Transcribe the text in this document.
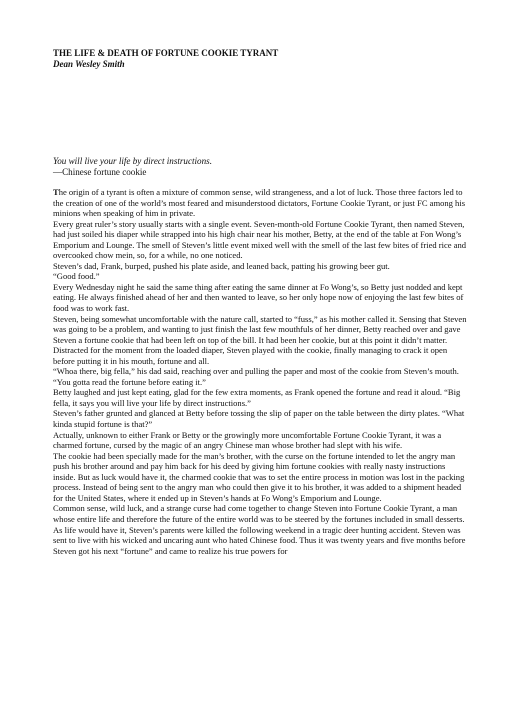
THE LIFE & DEATH OF FORTUNE COOKIE TYRANT
Dean Wesley Smith
You will live your life by direct instructions.
—Chinese fortune cookie

The origin of a tyrant is often a mixture of common sense, wild strangeness, and a lot of luck. Those three factors led to the creation of one of the world’s most feared and misunderstood dictators, Fortune Cookie Tyrant, or just FC among his minions when speaking of him in private.

Every great ruler’s story usually starts with a single event. Seven-month-old Fortune Cookie Tyrant, then named Steven, had just soiled his diaper while strapped into his high chair near his mother, Betty, at the end of the table at Fon Wong’s Emporium and Lounge. The smell of Steven’s little event mixed well with the smell of the last few bites of fried rice and overcooked chow mein, so, for a while, no one noticed.

Steven’s dad, Frank, burped, pushed his plate aside, and leaned back, patting his growing beer gut.

“Good food.”

Every Wednesday night he said the same thing after eating the same dinner at Fo Wong’s, so Betty just nodded and kept eating. He always finished ahead of her and then wanted to leave, so her only hope now of enjoying the last few bites of food was to work fast.

Steven, being somewhat uncomfortable with the nature call, started to “fuss,” as his mother called it. Sensing that Steven was going to be a problem, and wanting to just finish the last few mouthfuls of her dinner, Betty reached over and gave Steven a fortune cookie that had been left on top of the bill. It had been her cookie, but at this point it didn’t matter.

Distracted for the moment from the loaded diaper, Steven played with the cookie, finally managing to crack it open before putting it in his mouth, fortune and all.

“Whoa there, big fella,” his dad said, reaching over and pulling the paper and most of the cookie from Steven’s mouth. “You gotta read the fortune before eating it.”

Betty laughed and just kept eating, glad for the few extra moments, as Frank opened the fortune and read it aloud. “Big fella, it says you will live your life by direct instructions.”

Steven’s father grunted and glanced at Betty before tossing the slip of paper on the table between the dirty plates. “What kinda stupid fortune is that?”

Actually, unknown to either Frank or Betty or the growingly more uncomfortable Fortune Cookie Tyrant, it was a charmed fortune, cursed by the magic of an angry Chinese man whose brother had slept with his wife.

The cookie had been specially made for the man’s brother, with the curse on the fortune intended to let the angry man push his brother around and pay him back for his deed by giving him fortune cookies with really nasty instructions inside. But as luck would have it, the charmed cookie that was to set the entire process in motion was lost in the packing process. Instead of being sent to the angry man who could then give it to his brother, it was added to a shipment headed for the United States, where it ended up in Steven’s hands at Fo Wong’s Emporium and Lounge.

Common sense, wild luck, and a strange curse had come together to change Steven into Fortune Cookie Tyrant, a man whose entire life and therefore the future of the entire world was to be steered by the fortunes included in small desserts.

As life would have it, Steven’s parents were killed the following weekend in a tragic deer hunting accident. Steven was sent to live with his wicked and uncaring aunt who hated Chinese food. Thus it was twenty years and five months before Steven got his next “fortune” and came to realize his true powers for
